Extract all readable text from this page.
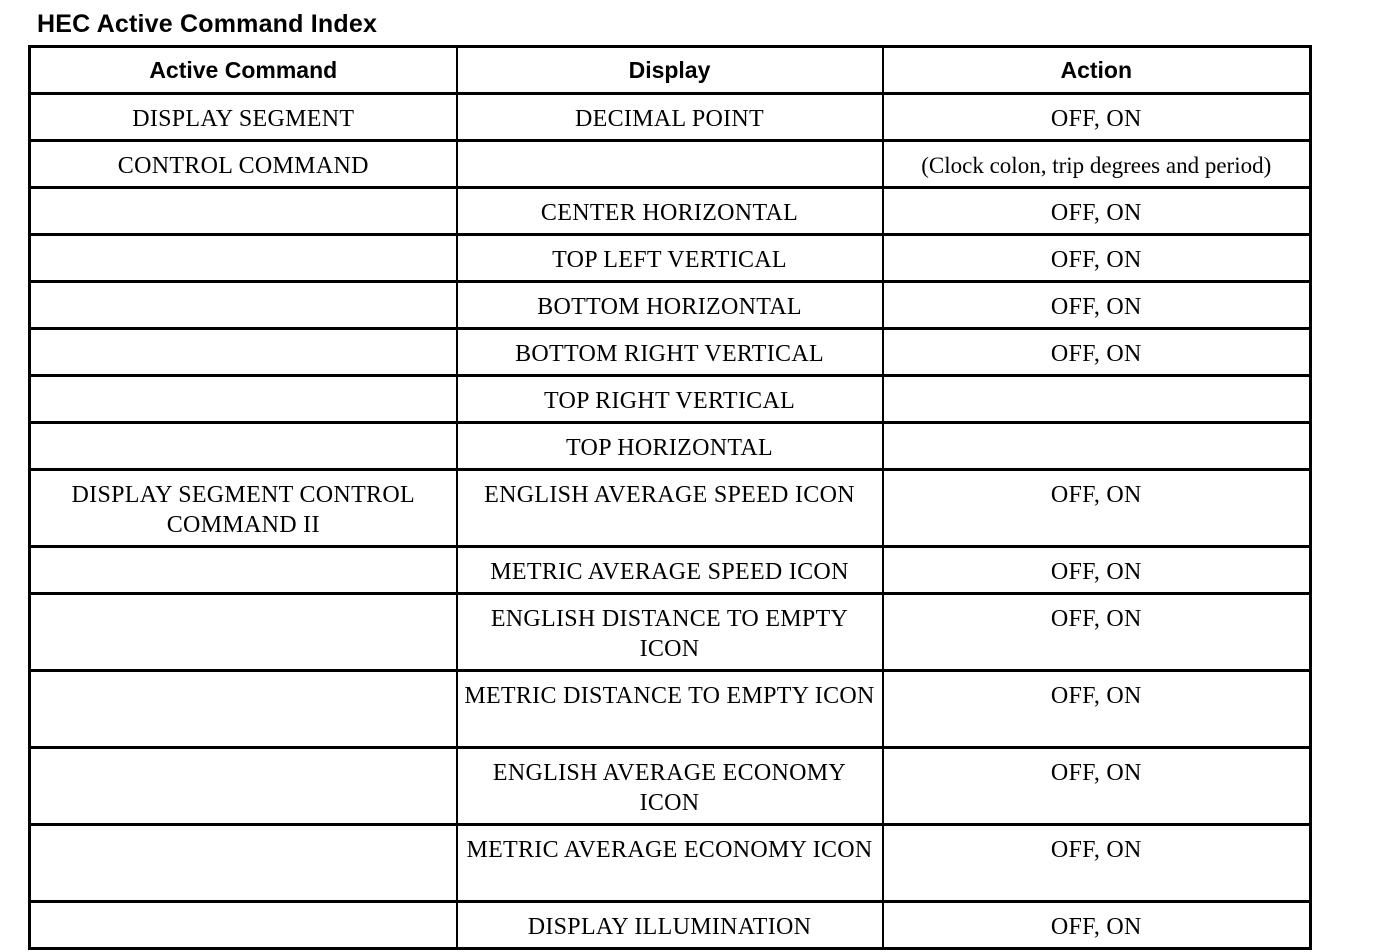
HEC Active Command Index
Active Command	Display	Action
DISPLAY SEGMENT	DECIMAL POINT	OFF, ON
CONTROL COMMAND		(Clock colon, trip degrees and period)
	CENTER HORIZONTAL	OFF, ON
	TOP LEFT VERTICAL	OFF, ON
	BOTTOM HORIZONTAL	OFF, ON
	BOTTOM RIGHT VERTICAL	OFF, ON
	TOP RIGHT VERTICAL	
	TOP HORIZONTAL	
DISPLAY SEGMENT CONTROL COMMAND II	ENGLISH AVERAGE SPEED ICON	OFF, ON
	METRIC AVERAGE SPEED ICON	OFF, ON
	ENGLISH DISTANCE TO EMPTY ICON	OFF, ON
	METRIC DISTANCE TO EMPTY ICON	OFF, ON
	ENGLISH AVERAGE ECONOMY ICON	OFF, ON
	METRIC AVERAGE ECONOMY ICON	OFF, ON
	DISPLAY ILLUMINATION	OFF, ON
